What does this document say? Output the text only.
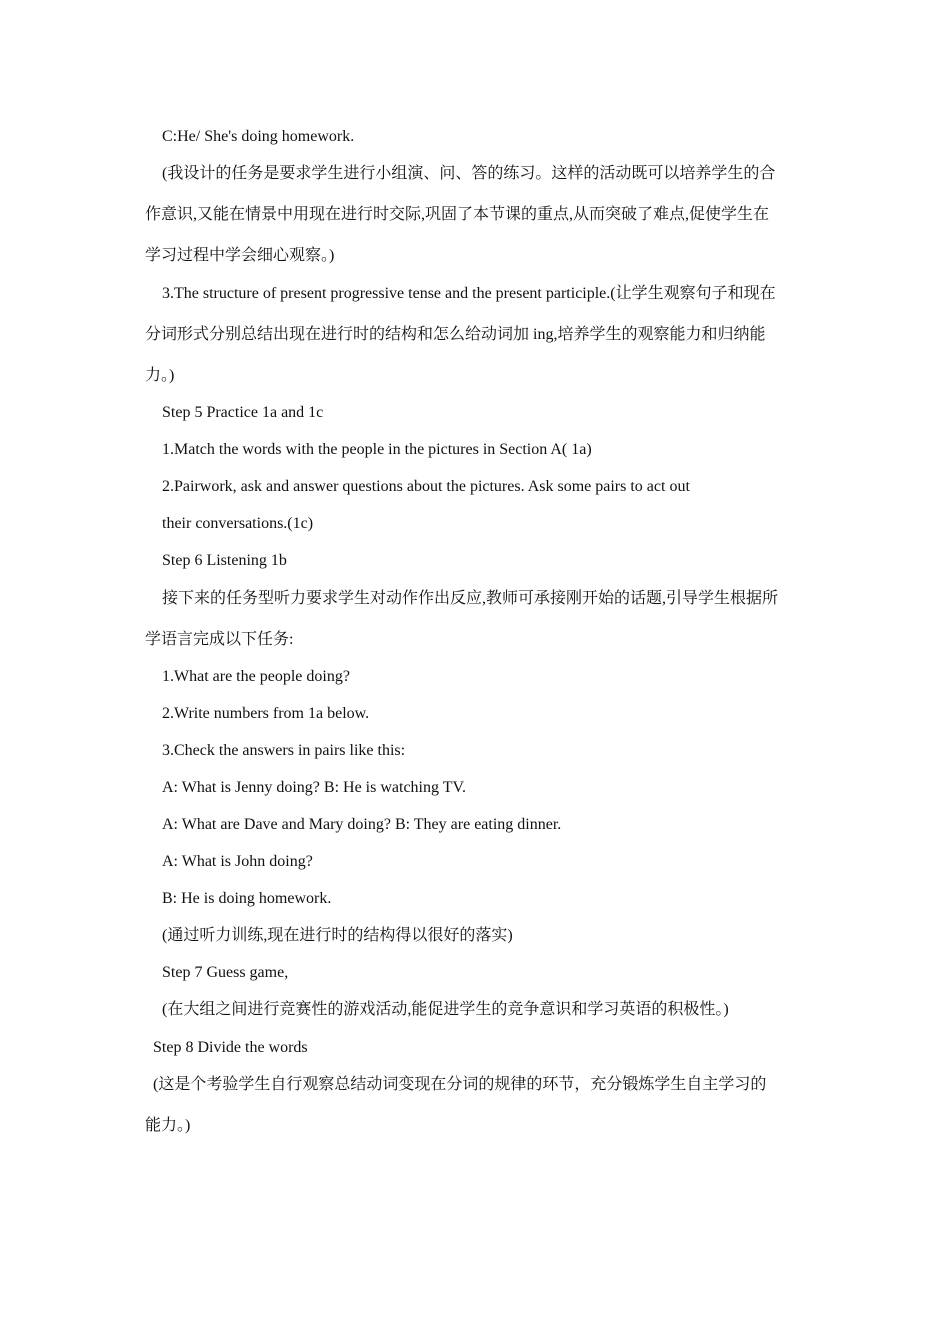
C:He/ She's doing homework.
(我设计的任务是要求学生进行小组演、问、答的练习。这样的活动既可以培养学生的合
作意识,又能在情景中用现在进行时交际,巩固了本节课的重点,从而突破了难点,促使学生在
学习过程中学会细心观察。)
3.The structure of present progressive tense and the present participle.(让学生观察句子和现在
分词形式分别总结出现在进行时的结构和怎么给动词加 ing,培养学生的观察能力和归纳能
力。)
Step 5 Practice 1a and 1c
1.Match the words with the people in the pictures in Section A( 1a)
2.Pairwork, ask and answer questions about the pictures. Ask some pairs to act out
their conversations.(1c)
Step 6 Listening 1b
接下来的任务型听力要求学生对动作作出反应,教师可承接刚开始的话题,引导学生根据所
学语言完成以下任务:
1.What are the people doing?
2.Write numbers from 1a below.
3.Check the answers in pairs like this:
A: What is Jenny doing? B: He is watching TV.
A: What are Dave and Mary doing? B: They are eating dinner.
A: What is John doing?
B: He is doing homework.
(通过听力训练,现在进行时的结构得以很好的落实)
Step 7 Guess game,
(在大组之间进行竞赛性的游戏活动,能促进学生的竞争意识和学习英语的积极性。)
Step 8 Divide the words
(这是个考验学生自行观察总结动词变现在分词的规律的环节，充分锻炼学生自主学习的
能力。)
